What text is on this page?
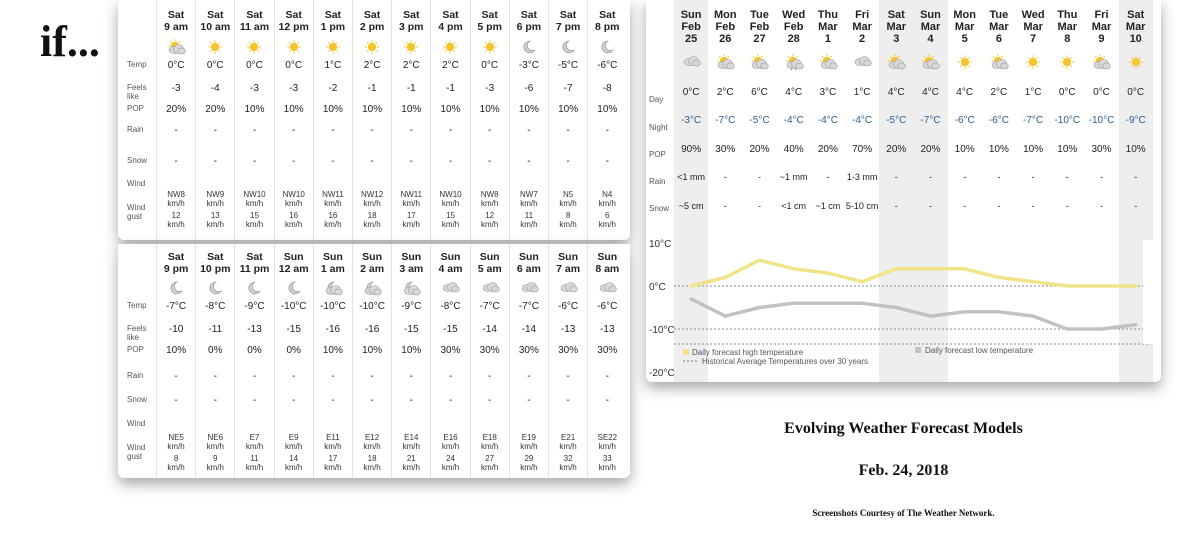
if...	Temp
Feels
like
POP
Rain
Snow
Wind
Wind
gust
Sat
9 am
0°C
-3
20%
-
-
NW8
km/h
12
km/h
Sat
10 am
0°C
-4
20%
-
-
NW9
km/h
13
km/h
Sat
11 am
0°C
-3
10%
-
-
NW10
km/h
15
km/h
Sat
12 pm
0°C
-3
10%
-
-
NW10
km/h
16
km/h
Sat
1 pm
1°C
-2
10%
-
-
NW11
km/h
16
km/h
Sat
2 pm
2°C
-1
10%
-
-
NW12
km/h
18
km/h
Sat
3 pm
2°C
-1
10%
-
-
NW11
km/h
17
km/h
Sat
4 pm
2°C
-1
10%
-
-
NW10
km/h
15
km/h
Sat
5 pm
0°C
-3
10%
-
-
NW8
km/h
12
km/h
Sat
6 pm
-3°C
-6
10%
-
-
NW7
km/h
11
km/h
Sat
7 pm
-5°C
-7
10%
-
-
N5
km/h
8
km/h
Sat
8 pm
-6°C
-8
10%
-
-
N4
km/h
6
km/h
Temp
Feels
like
POP
Rain
Snow
Wind
Wind
gust
Sat
9 pm
-7°C
-10
10%
-
-
NE5
km/h
8
km/h
Sat
10 pm
-8°C
-11
0%
-
-
NE6
km/h
9
km/h
Sat
11 pm
-9°C
-13
0%
-
-
E7
km/h
11
km/h
Sun
12 am
-10°C
-15
0%
-
-
E9
km/h
14
km/h
Sun
1 am
-10°C
-16
10%
-
-
E11
km/h
17
km/h
Sun
2 am
-10°C
-16
10%
-
-
E12
km/h
18
km/h
Sun
3 am
-9°C
-15
10%
-
-
E14
km/h
21
km/h
Sun
4 am
-8°C
-15
30%
-
-
E16
km/h
24
km/h
Sun
5 am
-7°C
-14
30%
-
-
E18
km/h
27
km/h
Sun
6 am
-7°C
-14
30%
-
-
E19
km/h
29
km/h
Sun
7 am
-6°C
-13
30%
-
-
E21
km/h
32
km/h
Sun
8 am
-6°C
-13
30%
-
-
SE22
km/h
33
km/h
Day
Night
POP
Rain
Snow
Sun
Feb
25
0°C
-3°C
90%
<1 mm
~5 cm
Mon
Feb
26
2°C
-7°C
30%
-
-
Tue
Feb
27
6°C
-5°C
20%
-
-
Wed
Feb
28
4°C
-4°C
40%
~1 mm
<1 cm
Thu
Mar
1
3°C
-4°C
20%
-
~1 cm
Fri
Mar
2
1°C
-4°C
70%
1-3 mm
5-10 cm
Sat
Mar
3
4°C
-5°C
20%
-
-
Sun
Mar
4
4°C
-7°C
20%
-
-
Mon
Mar
5
4°C
-6°C
10%
-
-
Tue
Mar
6
2°C
-6°C
10%
-
-
Wed
Mar
7
1°C
-7°C
10%
-
-
Thu
Mar
8
0°C
-10°C
10%
-
-
Fri
Mar
9
0°C
-10°C
30%
-
-
Sat
Mar
10
0°C
-9°C
10%
-
-
10°C
0°C
-10°C
-20°C
Daily forecast high temperature	Daily forecast low temperature
Historical Average Temperatures over 30 years
Evolving Weather Forecast Models
Feb. 24, 2018
Screenshots Courtesy of The Weather Network.
